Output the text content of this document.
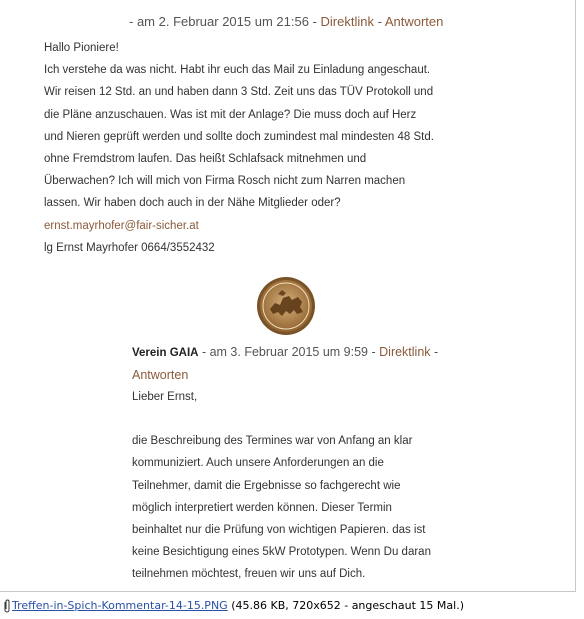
- am 2. Februar 2015 um 21:56 - Direktlink - Antworten

Hallo Pioniere!

Ich verstehe da was nicht. Habt ihr euch das Mail zu Einladung angeschaut.

Wir reisen 12 Std. an und haben dann 3 Std. Zeit uns das TÜV Protokoll und

die Pläne anzuschauen. Was ist mit der Anlage? Die muss doch auf Herz

und Nieren geprüft werden und sollte doch zumindest mal mindesten 48 Std.

ohne Fremdstrom laufen. Das heißt Schlafsack mitnehmen und

Überwachen? Ich will mich von Firma Rosch nicht zum Narren machen

lassen. Wir haben doch auch in der Nähe Mitglieder oder?

ernst.mayrhofer@fair-sicher.at

lg Ernst Mayrhofer 0664/3552432

Verein GAIA - am 3. Februar 2015 um 9:59 - Direktlink -
Antworten

Lieber Ernst,

die Beschreibung des Termines war von Anfang an klar

kommuniziert. Auch unsere Anforderungen an die

Teilnehmer, damit die Ergebnisse so fachgerecht wie

möglich interpretiert werden können. Dieser Termin

beinhaltet nur die Prüfung von wichtigen Papieren. das ist

keine Besichtigung eines 5kW Prototypen. Wenn Du daran

teilnehmen möchtest, freuen wir uns auf Dich.

Treffen-in-Spich-Kommentar-14-15.PNG (45.86 KB, 720x652 - angeschaut 15 Mal.)
